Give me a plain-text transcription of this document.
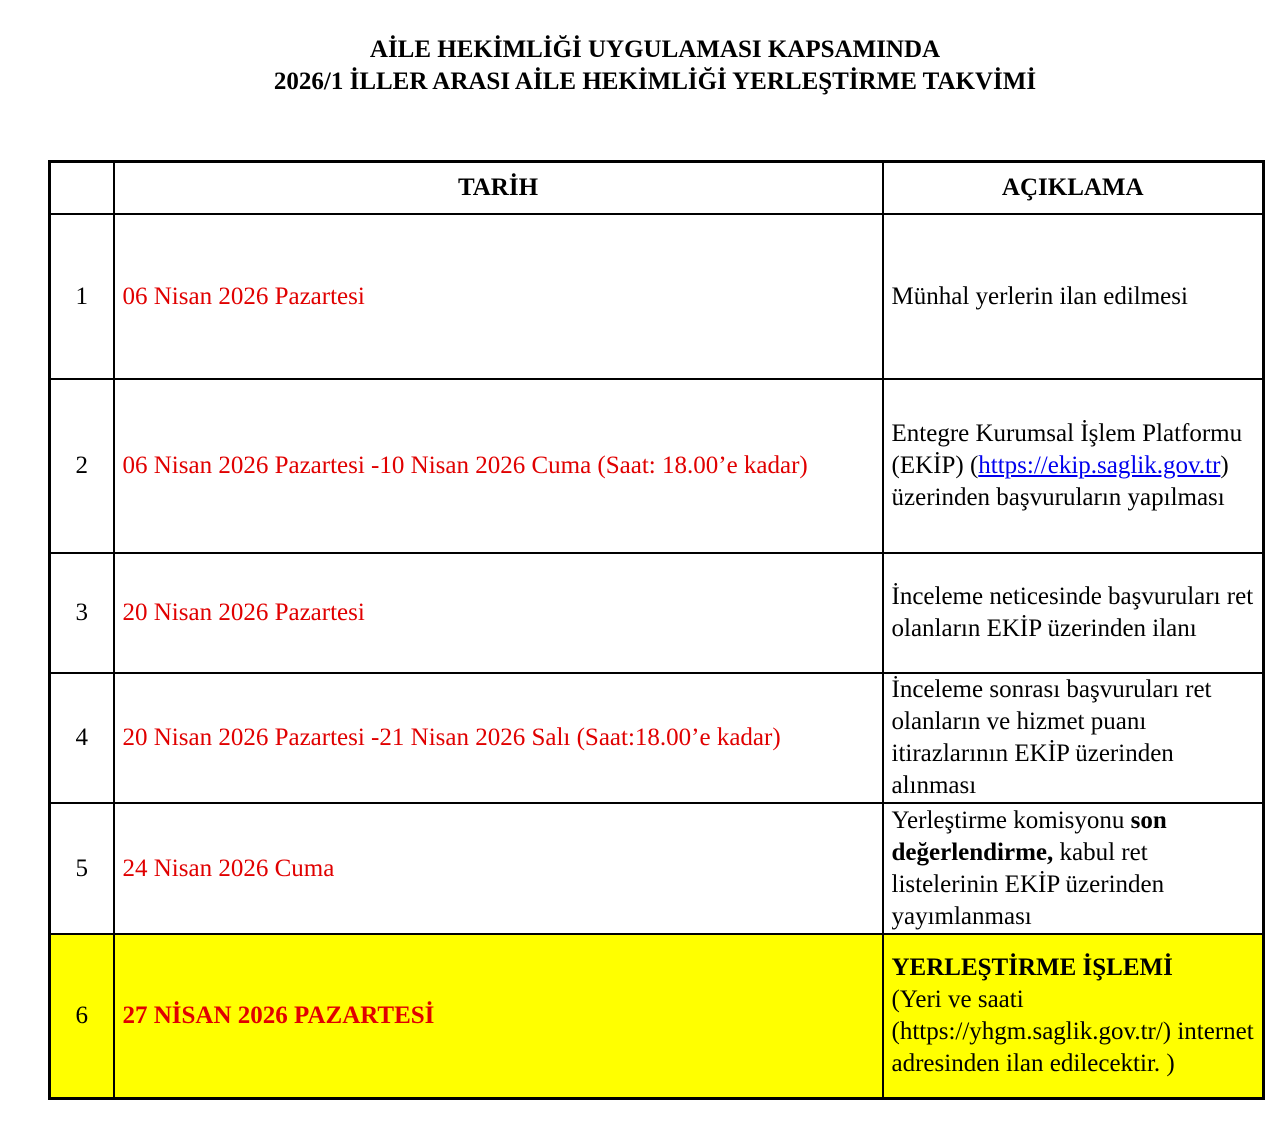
AİLE HEKİMLİĞİ UYGULAMASI KAPSAMINDA
2026/1 İLLER ARASI AİLE HEKİMLİĞİ YERLEŞTİRME TAKVİMİ
	TARİH	AÇIKLAMA
1	06 Nisan 2026 Pazartesi	Münhal yerlerin ilan edilmesi
2	06 Nisan 2026 Pazartesi -10 Nisan 2026 Cuma (Saat: 18.00’e kadar)	Entegre Kurumsal İşlem Platformu (EKİP) (https://ekip.saglik.gov.tr) üzerinden başvuruların yapılması
3	20 Nisan 2026 Pazartesi	İnceleme neticesinde başvuruları ret olanların EKİP üzerinden ilanı
4	20 Nisan 2026 Pazartesi -21 Nisan 2026 Salı (Saat:18.00’e kadar)	İnceleme sonrası başvuruları ret olanların ve hizmet puanı itirazlarının EKİP üzerinden alınması
5	24 Nisan 2026 Cuma	Yerleştirme komisyonu son değerlendirme, kabul ret listelerinin EKİP üzerinden yayımlanması
6	27 NİSAN 2026 PAZARTESİ	YERLEŞTİRME İŞLEMİ
(Yeri ve saati (https://yhgm.saglik.gov.tr/) internet adresinden ilan edilecektir. )
